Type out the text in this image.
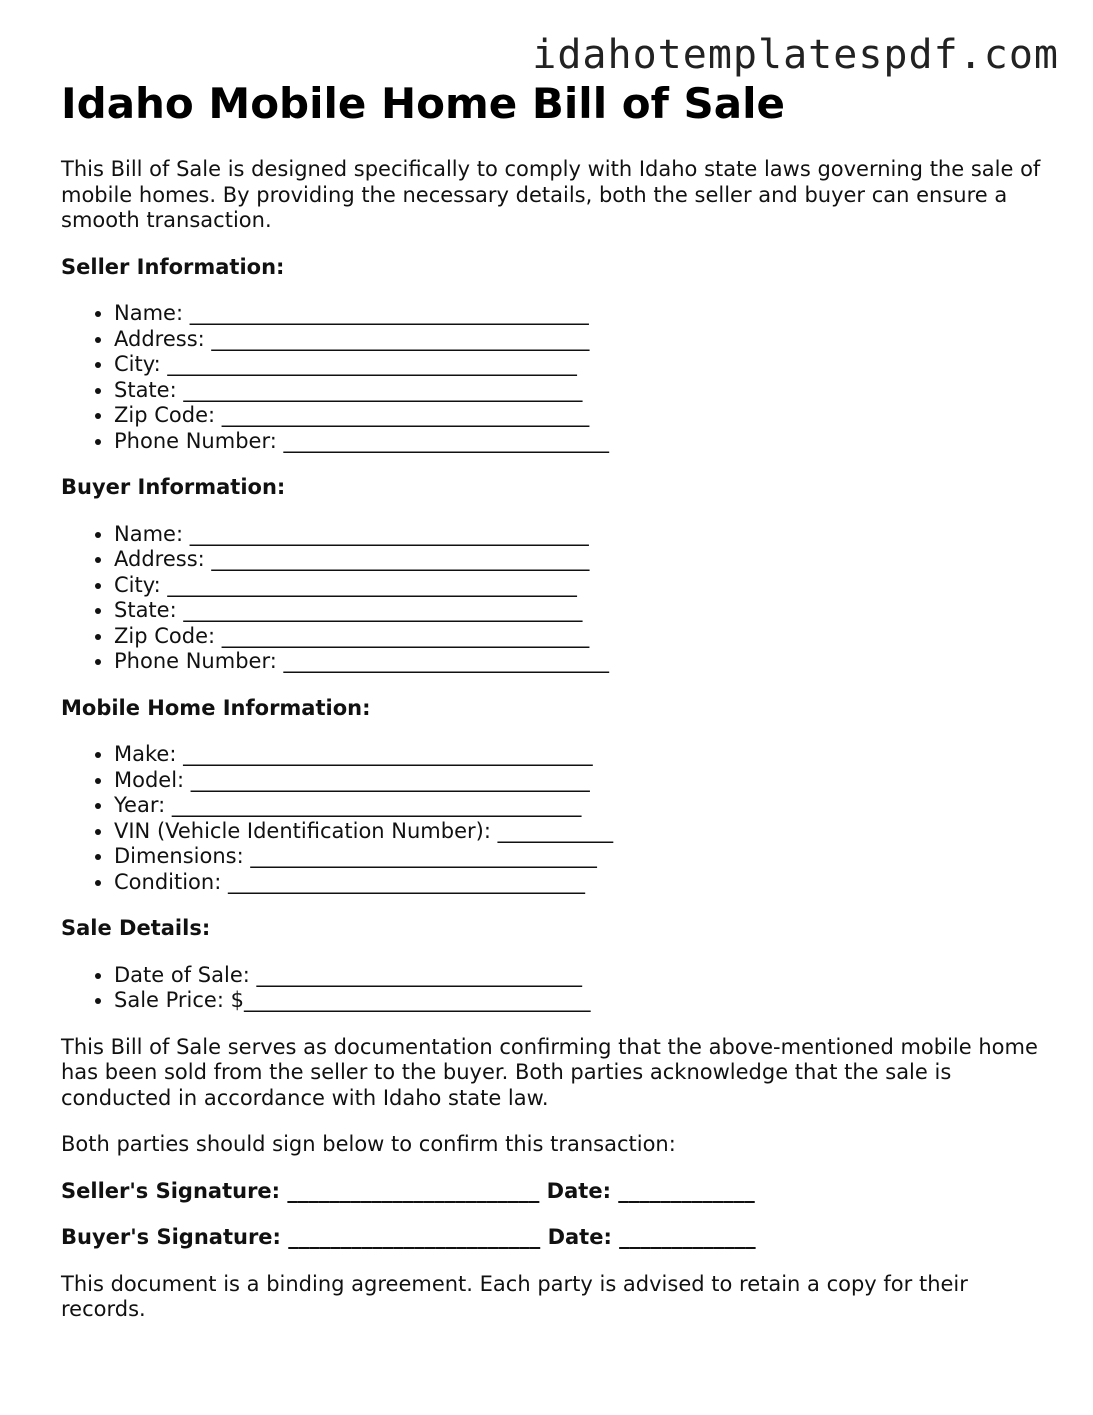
idahotemplatespdf.com
Idaho Mobile Home Bill of Sale

This Bill of Sale is designed specifically to comply with Idaho state laws governing the sale of mobile homes. By providing the necessary details, both the seller and buyer can ensure a smooth transaction.

Seller Information:

• Name: ______________________________________
• Address: ____________________________________
• City: _______________________________________
• State: ______________________________________
• Zip Code: ___________________________________
• Phone Number: _______________________________

Buyer Information:

• Name: ______________________________________
• Address: ____________________________________
• City: _______________________________________
• State: ______________________________________
• Zip Code: ___________________________________
• Phone Number: _______________________________

Mobile Home Information:

• Make: _______________________________________
• Model: ______________________________________
• Year: _______________________________________
• VIN (Vehicle Identification Number): ___________
• Dimensions: _________________________________
• Condition: __________________________________

Sale Details:

• Date of Sale: _______________________________
• Sale Price: $_________________________________

This Bill of Sale serves as documentation confirming that the above-mentioned mobile home has been sold from the seller to the buyer. Both parties acknowledge that the sale is conducted in accordance with Idaho state law.

Both parties should sign below to confirm this transaction:

Seller's Signature: ________________________ Date: _____________

Buyer's Signature: ________________________ Date: _____________

This document is a binding agreement. Each party is advised to retain a copy for their records.
